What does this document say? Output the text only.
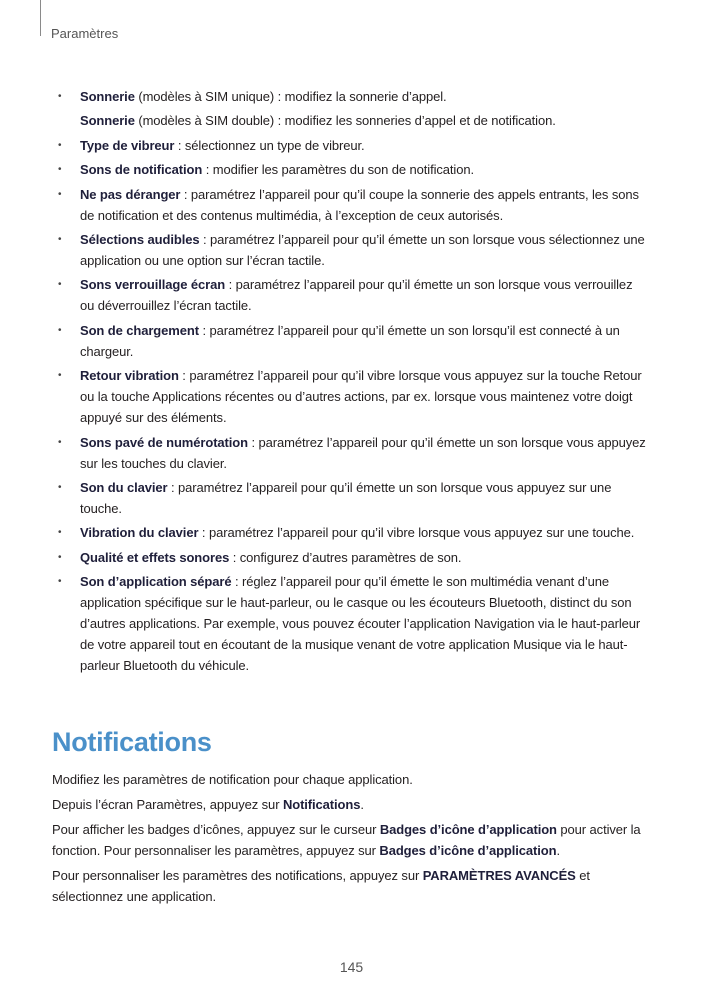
Paramètres
•	Sonnerie (modèles à SIM unique) : modifiez la sonnerie d’appel.
Sonnerie (modèles à SIM double) : modifiez les sonneries d’appel et de notification.
•	Type de vibreur : sélectionnez un type de vibreur.
•	Sons de notification : modifier les paramètres du son de notification.
•	Ne pas déranger : paramétrez l’appareil pour qu’il coupe la sonnerie des appels entrants, les sons de notification et des contenus multimédia, à l’exception de ceux autorisés.
•	Sélections audibles : paramétrez l’appareil pour qu’il émette un son lorsque vous sélectionnez une application ou une option sur l’écran tactile.
•	Sons verrouillage écran : paramétrez l’appareil pour qu’il émette un son lorsque vous verrouillez ou déverrouillez l’écran tactile.
•	Son de chargement : paramétrez l’appareil pour qu’il émette un son lorsqu’il est connecté à un chargeur.
•	Retour vibration : paramétrez l’appareil pour qu’il vibre lorsque vous appuyez sur la touche Retour ou la touche Applications récentes ou d’autres actions, par ex. lorsque vous maintenez votre doigt appuyé sur des éléments.
•	Sons pavé de numérotation : paramétrez l’appareil pour qu’il émette un son lorsque vous appuyez sur les touches du clavier.
•	Son du clavier : paramétrez l’appareil pour qu’il émette un son lorsque vous appuyez sur une touche.
•	Vibration du clavier : paramétrez l’appareil pour qu’il vibre lorsque vous appuyez sur une touche.
•	Qualité et effets sonores : configurez d’autres paramètres de son.
•	Son d’application séparé : réglez l’appareil pour qu’il émette le son multimédia venant d’une application spécifique sur le haut-parleur, ou le casque ou les écouteurs Bluetooth, distinct du son d’autres applications. Par exemple, vous pouvez écouter l’application Navigation via le haut-parleur de votre appareil tout en écoutant de la musique venant de votre application Musique via le haut-parleur Bluetooth du véhicule.
Notifications

Modifiez les paramètres de notification pour chaque application.

Depuis l’écran Paramètres, appuyez sur Notifications.

Pour afficher les badges d’icônes, appuyez sur le curseur Badges d’icône d’application pour activer la fonction. Pour personnaliser les paramètres, appuyez sur Badges d’icône d’application.

Pour personnaliser les paramètres des notifications, appuyez sur PARAMÈTRES AVANCÉS et sélectionnez une application.

145
